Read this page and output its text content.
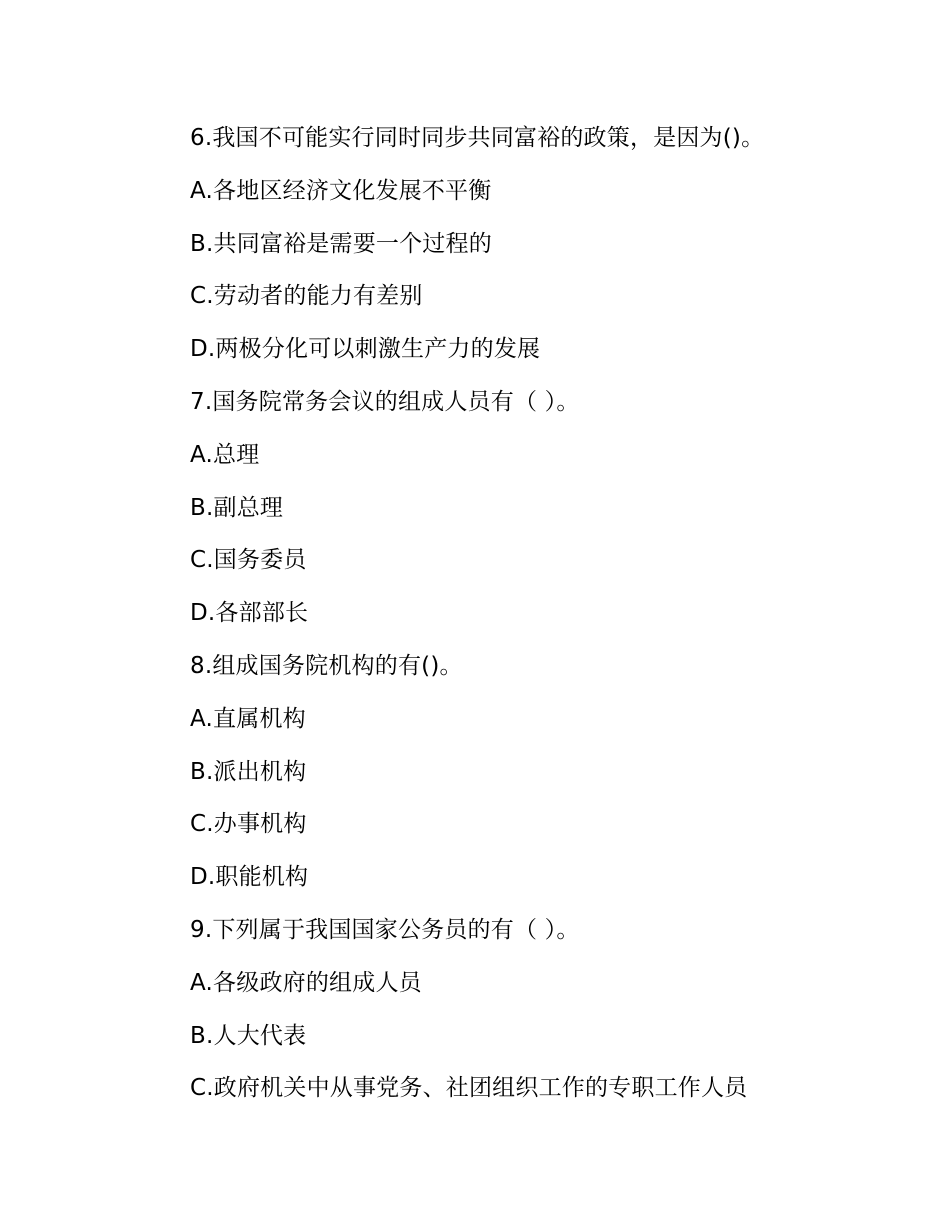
6.我国不可能实行同时同步共同富裕的政策，是因为()。
A.各地区经济文化发展不平衡
B.共同富裕是需要一个过程的
C.劳动者的能力有差别
D.两极分化可以刺激生产力的发展
7.国务院常务会议的组成人员有（ ）。
A.总理
B.副总理
C.国务委员
D.各部部长
8.组成国务院机构的有()。
A.直属机构
B.派出机构
C.办事机构
D.职能机构
9.下列属于我国国家公务员的有（ ）。
A.各级政府的组成人员
B.人大代表
C.政府机关中从事党务、社团组织工作的专职工作人员
